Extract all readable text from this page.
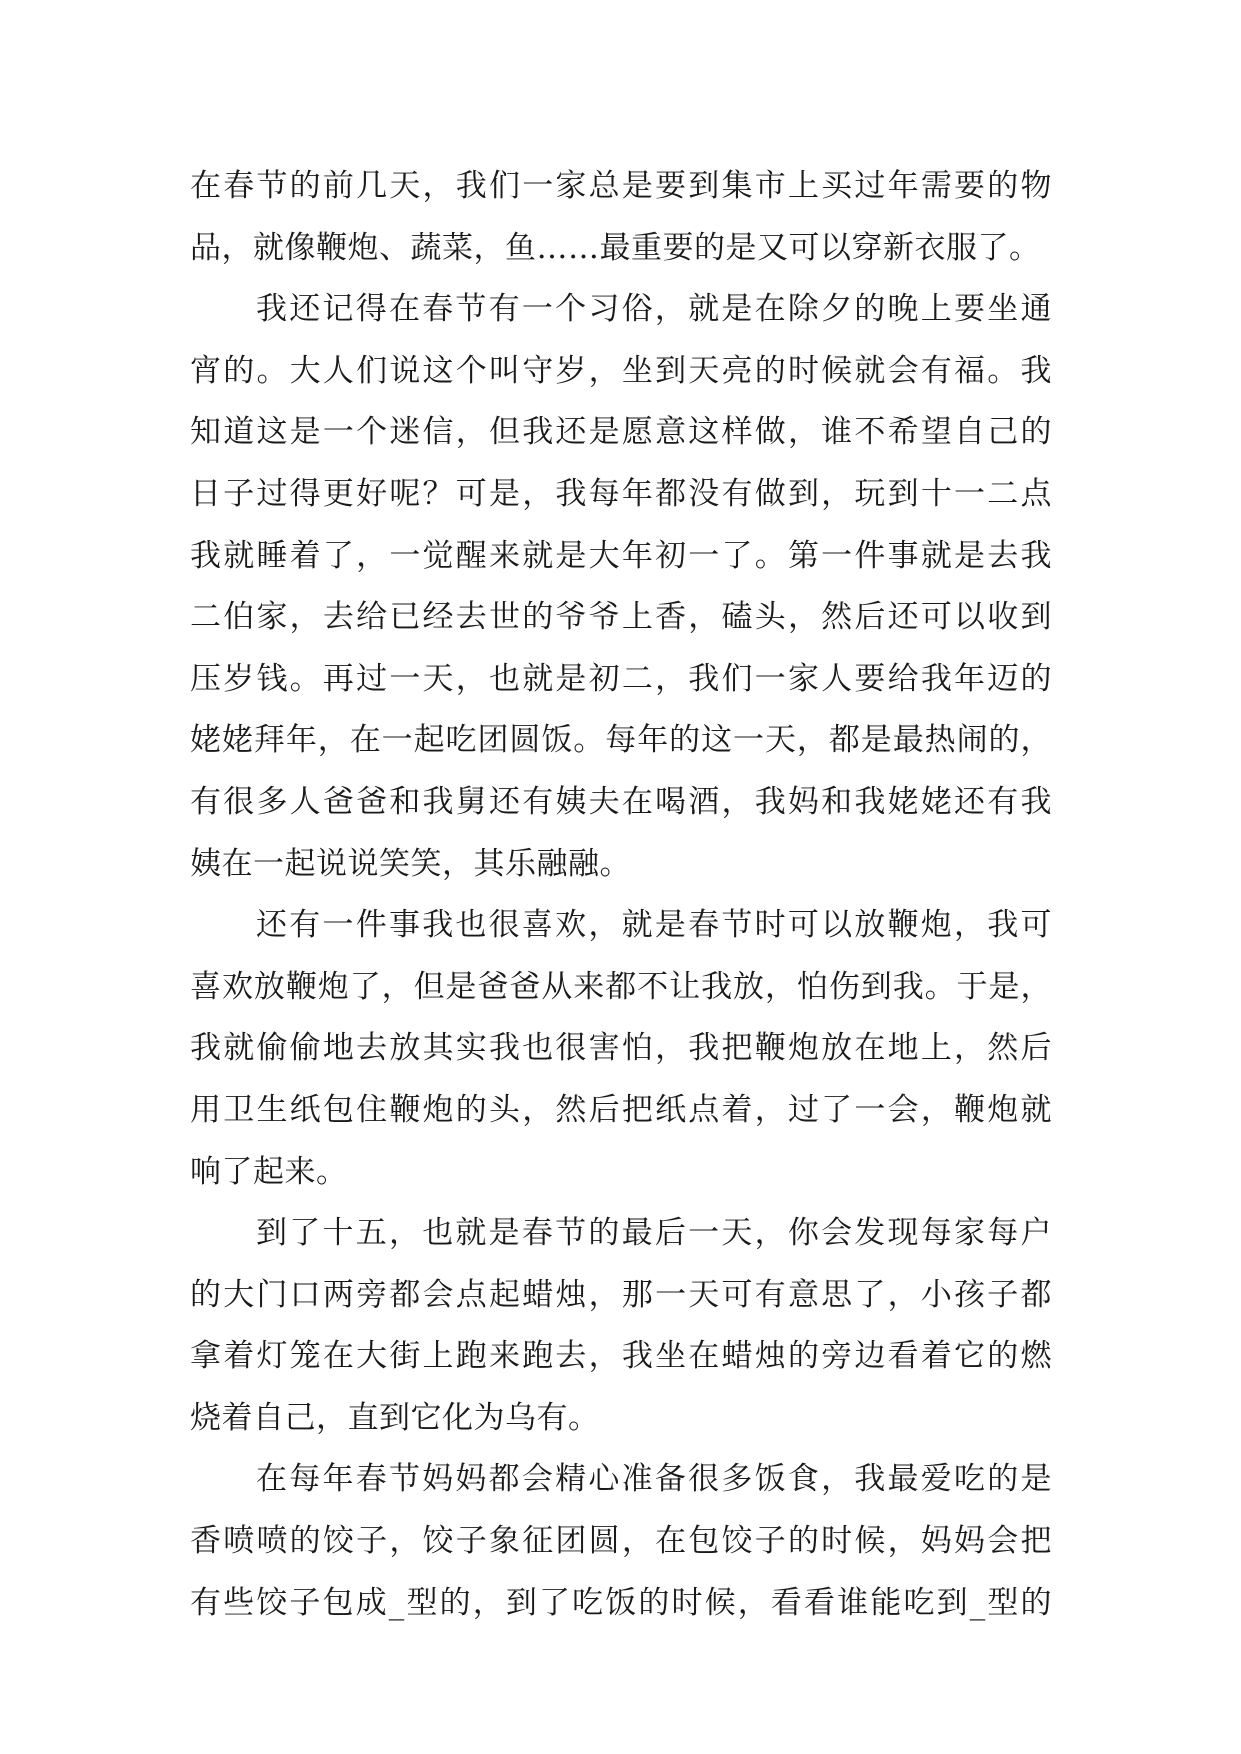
在春节的前几天，我们一家总是要到集市上买过年需要的物
品，就像鞭炮、蔬菜，鱼……最重要的是又可以穿新衣服了。
我还记得在春节有一个习俗，就是在除夕的晚上要坐通
宵的。大人们说这个叫守岁，坐到天亮的时候就会有福。我
知道这是一个迷信，但我还是愿意这样做，谁不希望自己的
日子过得更好呢？可是，我每年都没有做到，玩到十一二点
我就睡着了，一觉醒来就是大年初一了。第一件事就是去我
二伯家，去给已经去世的爷爷上香，磕头，然后还可以收到
压岁钱。再过一天，也就是初二，我们一家人要给我年迈的
姥姥拜年，在一起吃团圆饭。每年的这一天，都是最热闹的，
有很多人爸爸和我舅还有姨夫在喝酒，我妈和我姥姥还有我
姨在一起说说笑笑，其乐融融。
还有一件事我也很喜欢，就是春节时可以放鞭炮，我可
喜欢放鞭炮了，但是爸爸从来都不让我放，怕伤到我。于是，
我就偷偷地去放其实我也很害怕，我把鞭炮放在地上，然后
用卫生纸包住鞭炮的头，然后把纸点着，过了一会，鞭炮就
响了起来。
到了十五，也就是春节的最后一天，你会发现每家每户
的大门口两旁都会点起蜡烛，那一天可有意思了，小孩子都
拿着灯笼在大街上跑来跑去，我坐在蜡烛的旁边看着它的燃
烧着自己，直到它化为乌有。
在每年春节妈妈都会精心准备很多饭食，我最爱吃的是
香喷喷的饺子，饺子象征团圆，在包饺子的时候，妈妈会把
有些饺子包成_型的，到了吃饭的时候，看看谁能吃到_型的
